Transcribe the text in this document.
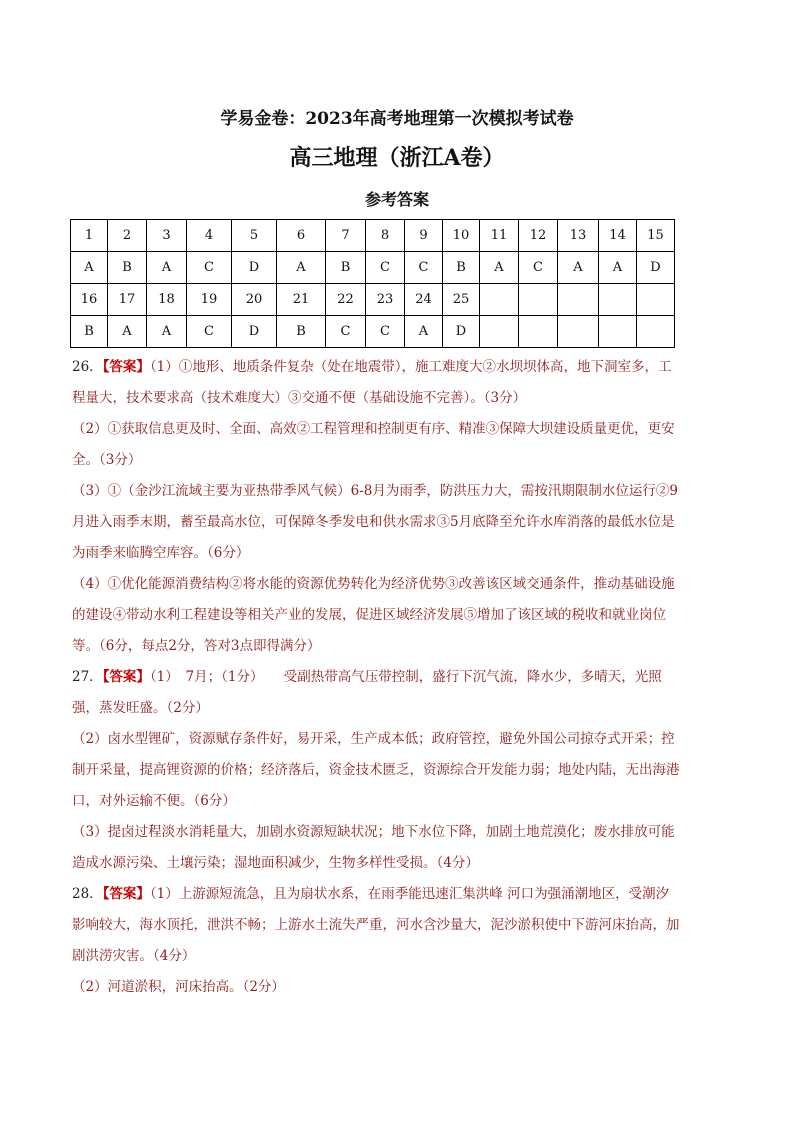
学易金卷：2023年高考地理第一次模拟考试卷
高三地理（浙江A卷）
参考答案
1	2	3	4	5	6	7	8	9	10	11	12	13	14	15
A	B	A	C	D	A	B	C	C	B	A	C	A	A	D
16	17	18	19	20	21	22	23	24	25					
B	A	A	C	D	B	C	C	A	D					

26．【答案】（1）①地形、地质条件复杂（处在地震带），施工难度大②水坝坝体高，地下洞室多，工程量大，技术要求高（技术难度大）③交通不便（基础设施不完善）。（3分）

（2）①获取信息更及时、全面、高效②工程管理和控制更有序、精准③保障大坝建设质量更优，更安全。（3分）

（3）①（金沙江流域主要为亚热带季风气候）6-8月为雨季，防洪压力大，需按汛期限制水位运行②9月进入雨季末期，蓄至最高水位，可保障冬季发电和供水需求③5月底降至允许水库消落的最低水位是为雨季来临腾空库容。（6分）

（4）①优化能源消费结构②将水能的资源优势转化为经济优势③改善该区域交通条件，推动基础设施的建设④带动水利工程建设等相关产业的发展，促进区域经济发展⑤增加了该区域的税收和就业岗位等。（6分，每点2分，答对3点即得满分）

27．【答案】（1）　7月；（1分）　　受副热带高气压带控制，盛行下沉气流，降水少，多晴天，光照强，蒸发旺盛。（2分）

（2）卤水型锂矿，资源赋存条件好，易开采，生产成本低；政府管控，避免外国公司掠夺式开采；控制开采量，提高锂资源的价格；经济落后，资金技术匮乏，资源综合开发能力弱；地处内陆，无出海港口，对外运输不便。（6分）

（3）提卤过程淡水消耗量大，加剧水资源短缺状况；地下水位下降，加剧土地荒漠化；废水排放可能造成水源污染、土壤污染；湿地面积减少，生物多样性受损。（4分）

28．【答案】（1）上游源短流急，且为扇状水系，在雨季能迅速汇集洪峰 河口为强涌潮地区，受潮汐影响较大，海水顶托，泄洪不畅；上游水土流失严重，河水含沙量大，泥沙淤积使中下游河床抬高，加剧洪涝灾害。（4分）

（2）河道淤积，河床抬高。（2分）
